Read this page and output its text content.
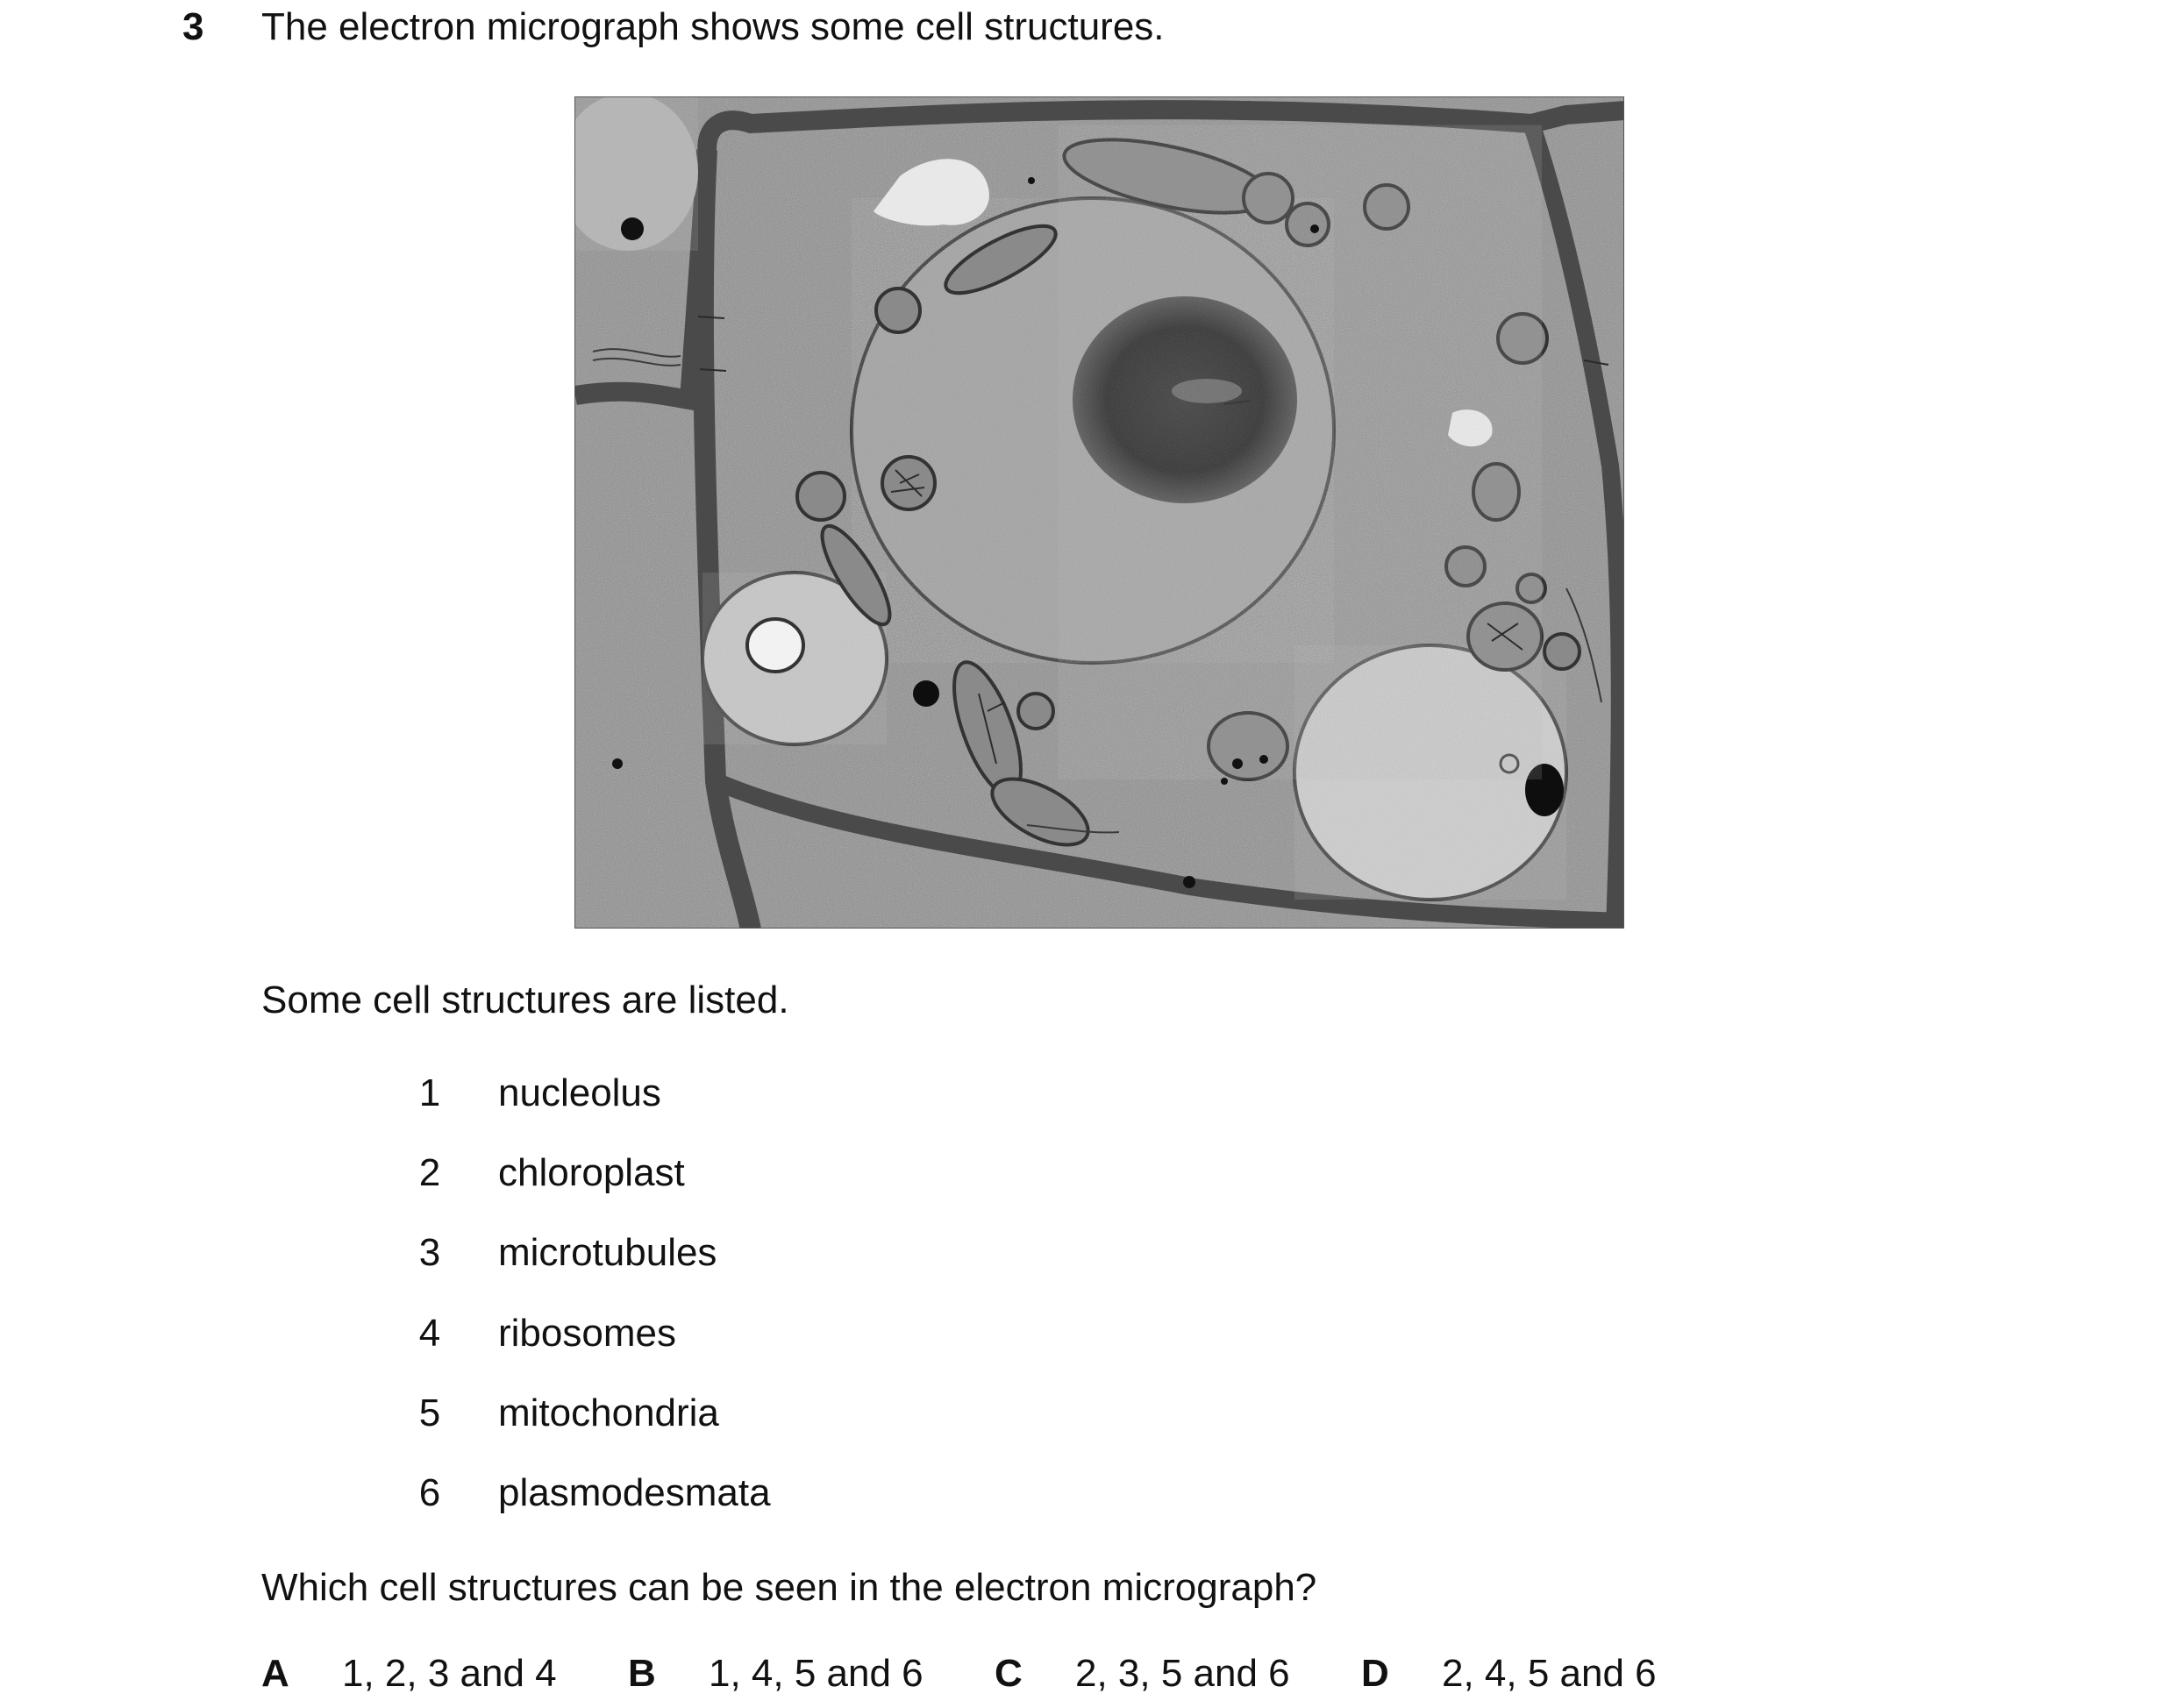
3 The electron micrograph shows some cell structures.
Some cell structures are listed.
1 nucleolus
2 chloroplast
3 microtubules
4 ribosomes
5 mitochondria
6 plasmodesmata
Which cell structures can be seen in the electron micrograph?
A 1, 2, 3 and 4 B 1, 4, 5 and 6 C 2, 3, 5 and 6 D 2, 4, 5 and 6
